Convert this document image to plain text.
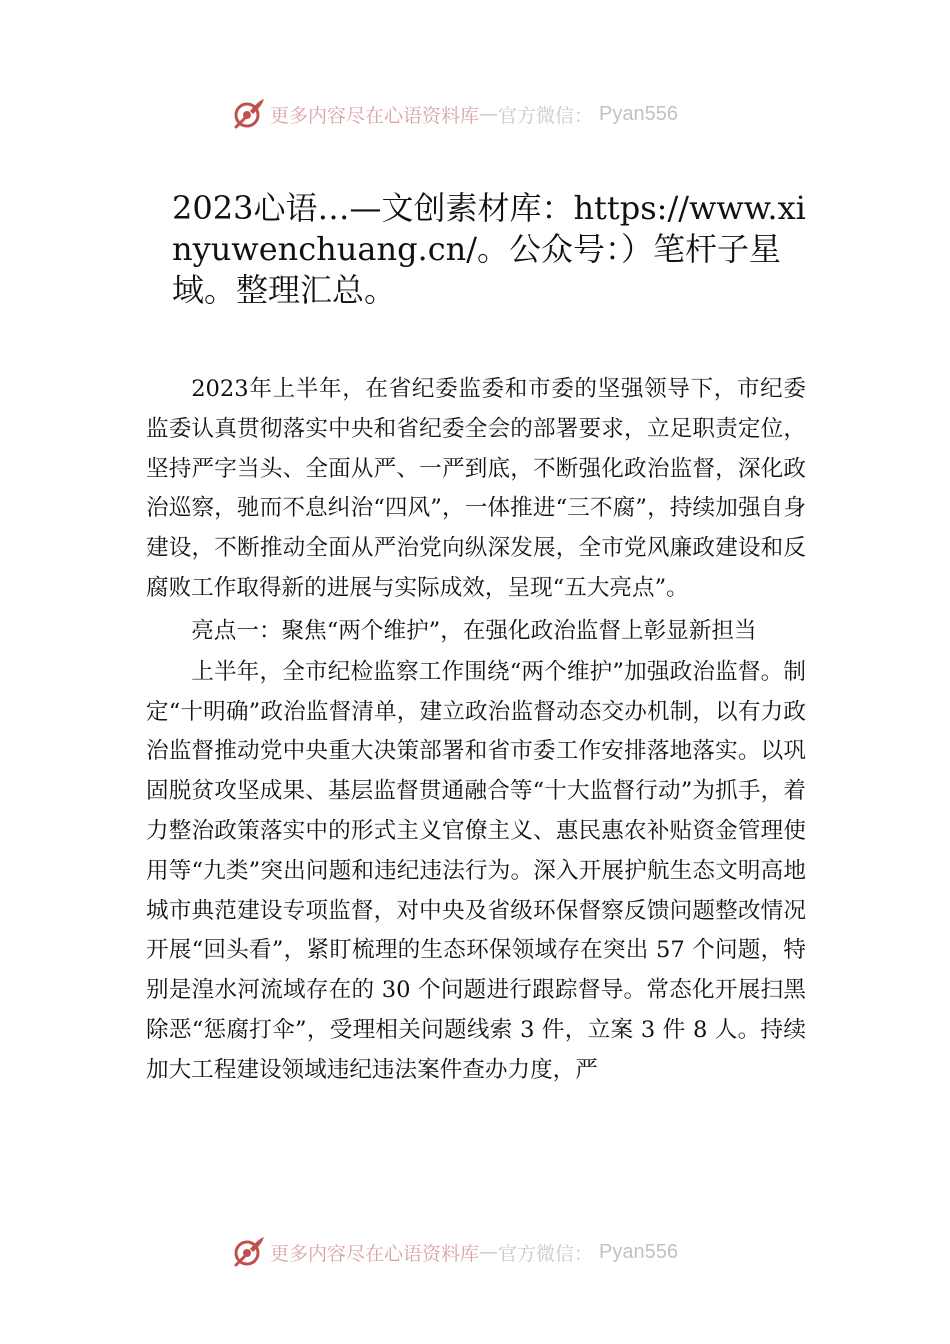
更多内容尽在心语资料库 — 官方微信： Pyan556
2023心语…—文创素材库：https://www.xinyuwenchuang.cn/。公众号：）笔杆子星域。整理汇总。

2023年上半年，在省纪委监委和市委的坚强领导下，市纪委监委认真贯彻落实中央和省纪委全会的部署要求，立足职责定位，坚持严字当头、全面从严、一严到底，不断强化政治监督，深化政治巡察，驰而不息纠治“四风”，一体推进“三不腐”，持续加强自身建设，不断推动全面从严治党向纵深发展，全市党风廉政建设和反腐败工作取得新的进展与实际成效，呈现“五大亮点”。

亮点一：聚焦“两个维护”，在强化政治监督上彰显新担当

上半年，全市纪检监察工作围绕“两个维护”加强政治监督。制定“十明确”政治监督清单，建立政治监督动态交办机制，以有力政治监督推动党中央重大决策部署和省市委工作安排落地落实。以巩固脱贫攻坚成果、基层监督贯通融合等“十大监督行动”为抓手，着力整治政策落实中的形式主义官僚主义、惠民惠农补贴资金管理使用等“九类”突出问题和违纪违法行为。深入开展护航生态文明高地城市典范建设专项监督，对中央及省级环保督察反馈问题整改情况开展“回头看”，紧盯梳理的生态环保领域存在突出 57 个问题，特别是湟水河流域存在的 30 个问题进行跟踪督导。常态化开展扫黑除恶“惩腐打伞”，受理相关问题线索 3 件，立案 3 件 8 人。持续加大工程建设领域违纪违法案件查办力度，严

更多内容尽在心语资料库 — 官方微信： Pyan556
